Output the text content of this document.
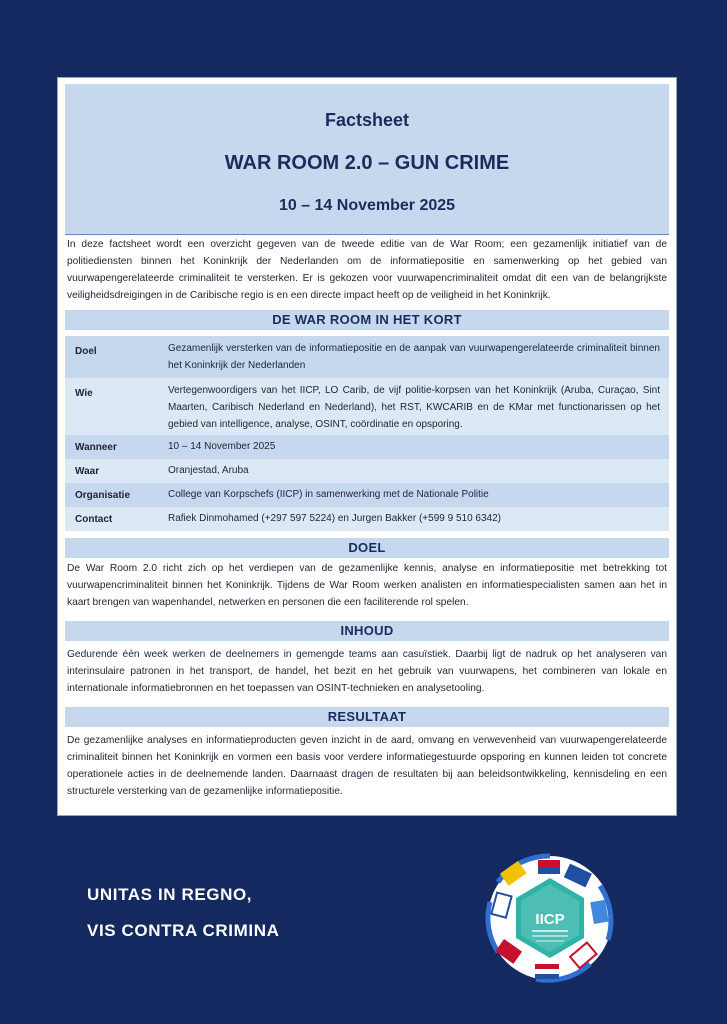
Factsheet
WAR ROOM 2.0 – GUN CRIME
10 – 14 November 2025
In deze factsheet wordt een overzicht gegeven van de tweede editie van de War Room; een gezamenlijk initiatief van de politiediensten binnen het Koninkrijk der Nederlanden om de informatiepositie en samenwerking op het gebied van vuurwapengerelateerde criminaliteit te versterken. Er is gekozen voor vuurwapencriminaliteit omdat dit een van de belangrijkste veiligheidsdreigingen in de Caribische regio is en een directe impact heeft op de veiligheid in het Koninkrijk.
DE WAR ROOM IN HET KORT
Doel	Gezamenlijk versterken van de informatiepositie en de aanpak van vuurwapengerelateerde criminaliteit binnen het Koninkrijk der Nederlanden
Wie	Vertegenwoordigers van het IICP, LO Carib, de vijf politie-korpsen van het Koninkrijk (Aruba, Curaçao, Sint Maarten, Caribisch Nederland en Nederland), het RST, KWCARIB en de KMar met functionarissen op het gebied van intelligence, analyse, OSINT, coördinatie en opsporing.
Wanneer	10 – 14 November 2025
Waar	Oranjestad, Aruba
Organisatie	College van Korpschefs (IICP) in samenwerking met de Nationale Politie
Contact	Rafiek Dinmohamed (+297 597 5224) en Jurgen Bakker (+599 9 510 6342)
DOEL
De War Room 2.0 richt zich op het verdiepen van de gezamenlijke kennis, analyse en informatiepositie met betrekking tot vuurwapencriminaliteit binnen het Koninkrijk. Tijdens de War Room werken analisten en informatiespecialisten samen aan het in kaart brengen van wapenhandel, netwerken en personen die een faciliterende rol spelen.
INHOUD
Gedurende één week werken de deelnemers in gemengde teams aan casuïstiek. Daarbij ligt de nadruk op het analyseren van interinsulaire patronen in het transport, de handel, het bezit en het gebruik van vuurwapens, het combineren van lokale en internationale informatiebronnen en het toepassen van OSINT-technieken en analysetooling.
RESULTAAT
De gezamenlijke analyses en informatieproducten geven inzicht in de aard, omvang en verwevenheid van vuurwapengerelateerde criminaliteit binnen het Koninkrijk en vormen een basis voor verdere informatiegestuurde opsporing en kunnen leiden tot concrete operationele acties in de deelnemende landen. Daarnaast dragen de resultaten bij aan beleidsontwikkeling, kennisdeling en een structurele versterking van de gezamenlijke informatiepositie.
UNITAS IN REGNO,
VIS CONTRA CRIMINA
IICP
